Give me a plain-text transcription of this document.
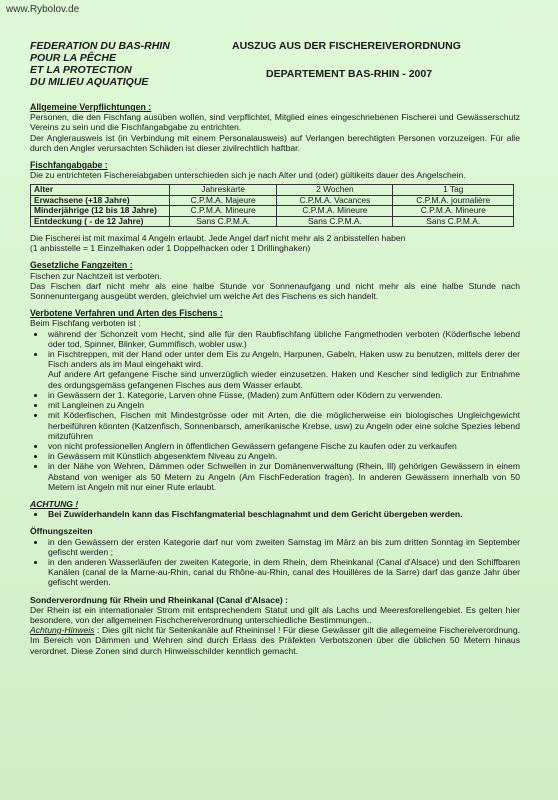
www.Rybolov.de
FEDERATION DU BAS-RHIN
POUR LA PÊCHE
ET LA PROTECTION
DU MILIEU AQUATIQUE
AUSZUG AUS DER FISCHEREIVERORDNUNG
DEPARTEMENT BAS-RHIN - 2007
Allgemeine Verpflichtungen :

Personen, die den Fischfang ausüben wollen, sind verpflichtet, Mitglied eines eingeschriebenen Fischerei und Gewässerschutz Vereins zu sein und die Fischfangabgabe zu entrichten.

Der Anglerausweis ist (in Verbindung mit einem Personalausweis) auf Verlangen berechtigten Personen vorzuzeigen. Für alle durch den Angler verursachten Schäden ist dieser zivilrechtlich haftbar.

Fischfangabgabe :

Die zu entrichteten Fischereiabgaben unterschieden sich je nach Alter und (oder) gültikeits dauer des Angelschein.

Alter	Jahreskarte	2 Wochen	1 Tag
Erwachsene (+18 Jahre)	C.P.M.A. Majeure	C.P.M.A. Vacances	C.P.M.A. journalière
Minderjährige (12 bis 18 Jahre)	C.P.M.A. Mineure	C.P.M.A. Mineure	C.P.M.A. Mineure
Entdeckung ( - de 12 Jahre)	Sans C.P.M.A.	Sans C.P.M.A.	Sans C.P.M.A.

Die Fischerei ist mit maximal 4 Angeln erlaubt. Jede Angel darf nicht mehr als 2 anbisstellen haben

(1 anbisstelle = 1 Einzelhaken oder 1 Doppelhacken oder 1 Drillinghaken)

Gesetzliche Fangzeiten :

Fischen zur Nachtzeit ist verboten.

Das Fischen darf nicht mehr als eine halbe Stunde vor Sonnenaufgang und nicht mehr als eine halbe Stunde nach Sonnenuntergang ausgeübt werden, gleichviel um welche Art des Fischens es sich handelt.

Verbotene Verfahren und Arten des Fischens :

Beim Fischfang verboten ist :

• während der Schonzeit vom Hecht, sind alle für den Raubfischfang übliche Fangmethoden verboten (Köderfische lebend oder tod, Spinner, Blinker, Gummifisch, wobler usw.)
• in Fischtreppen, mit der Hand oder unter dem Eis zu Angeln, Harpunen, Gabeln, Haken usw zu benutzen, mittels derer der Fisch anders als im Maul eingehakt wird.

Auf andere Art gefangene Fische sind unverzüglich wieder einzusetzen. Haken und Kescher sind lediglich zur Entnahme des ordungsgemäss gefangenen Fisches aus dem Wasser erlaubt.

• in Gewässern der 1. Kategorie, Larven ohne Füsse, (Maden) zum Anfüttern oder Ködern zu verwenden.
• mit Langleinen zu Angeln
• mit Köderfischen, Fischen mit Mindestgrösse oder mit Arten, die die möglicherweise ein biologisches Ungleichgewicht herbeiführen könnten (Katzenfisch, Sonnenbarsch, amerikanische Krebse, usw) zu Angeln oder eine solche Spezies lebend mitzuführen
• von nicht professionellen Anglern in öffentlichen Gewässern gefangene Fische zu kaufen oder zu verkaufen
• in Gewässern mit Künstlich abgesenktem Niveau zu Angeln.
• in der Nähe von Wehren, Dämmen oder Schwellen in zur Domänenverwaltung (Rhein, Ill) gehörigen Gewässern in einem Abstand von weniger als 50 Metern zu Angeln (Am FischFederation fragen). In anderen Gewässern innerhalb von 50 Metern ist Angeln mit nur einer Rute erlaubt.
ACHTUNG !
• Bei Zuwiderhandeln kann das Fischfangmaterial beschlagnahmt und dem Gericht übergeben werden.
Öffnungszeiten
• in den Gewässern der ersten Kategorie darf nur vom zweiten Samstag im März an bis zum dritten Sonntag im September gefischt werden ;
• in den anderen Wasserläufen der zweiten Kategorie, in dem Rhein, dem Rheinkanal (Canal d'Alsace) und den Schiffbaren Kanälen (canal de la Marne-au-Rhin, canal du Rhône-au-Rhin, canal des Houillères de la Sarre) darf das ganze Jahr über gefischt werden.
Sonderverordnung für Rhein und Rheinkanal (Canal d'Alsace) :

Der Rhein ist ein internationaler Strom mit entsprechendem Statut und gilt als Lachs und Meeresforellengebiet. Es gelten hier besondere, von der allgemeinen Fischchereiverordnung unterschiedliche Bestimmungen..

Achtung-Hinweis : Dies gilt nicht für Seitenkanäle auf Rheininsel ! Für diese Gewässer gilt die allegemeine Fischereiverordnung. Im Bereich von Dämmen und Wehren sind durch Erlass des Präfekten Verbotszonen über die üblichen 50 Metern hinaus verordnet. Diese Zonen sind durch Hinweisschilder kenntlich gemacht.
